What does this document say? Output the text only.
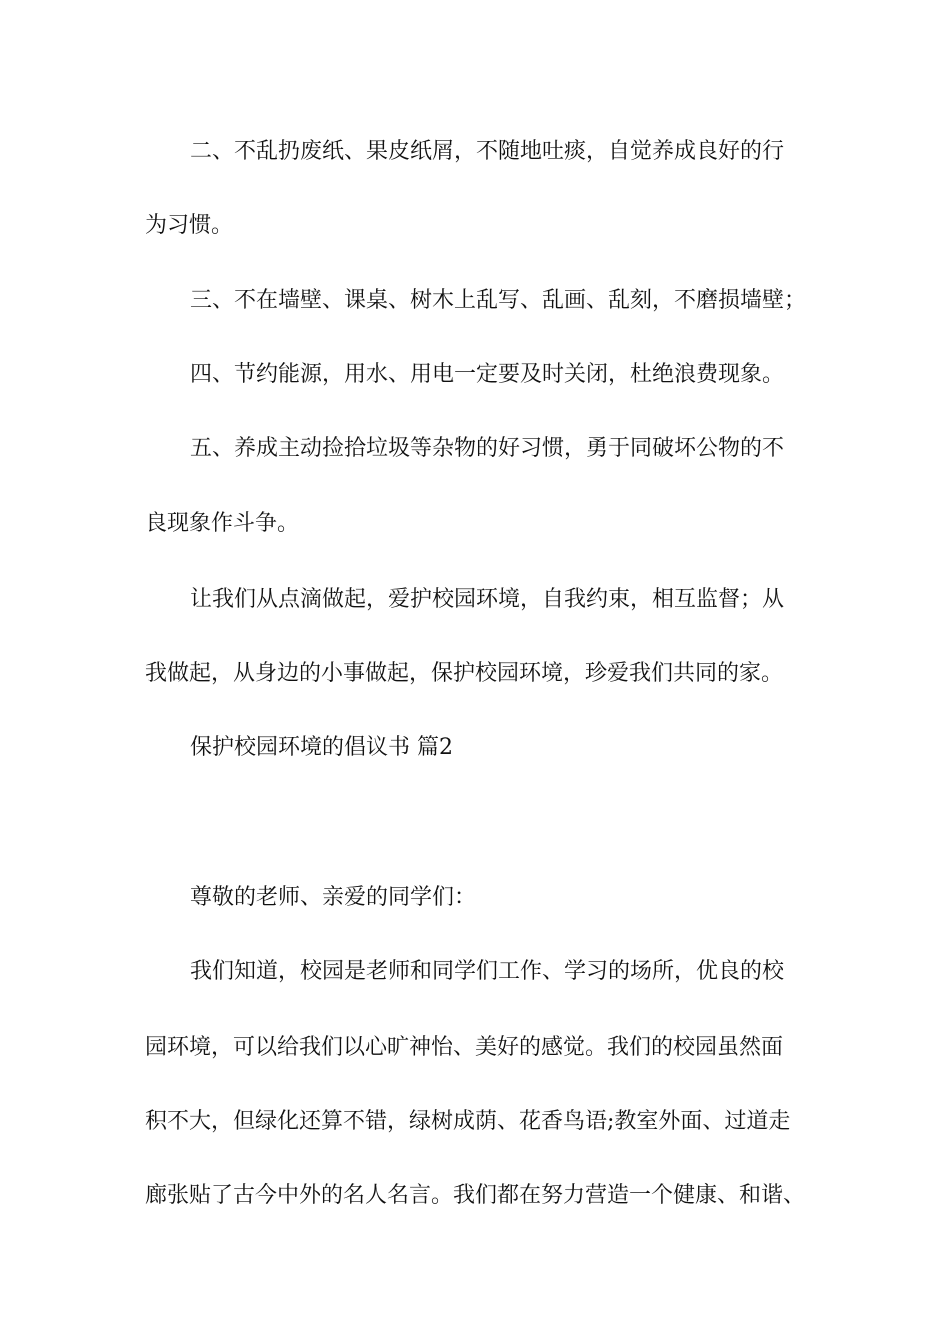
二、不乱扔废纸、果皮纸屑，不随地吐痰，自觉养成良好的行
为习惯。
三、不在墙壁、课桌、树木上乱写、乱画、乱刻，不磨损墙壁；
四、节约能源，用水、用电一定要及时关闭，杜绝浪费现象。
五、养成主动捡拾垃圾等杂物的好习惯，勇于同破坏公物的不
良现象作斗争。
让我们从点滴做起，爱护校园环境，自我约束，相互监督；从
我做起，从身边的小事做起，保护校园环境，珍爱我们共同的家。
保护校园环境的倡议书 篇2
尊敬的老师、亲爱的同学们：
我们知道，校园是老师和同学们工作、学习的场所，优良的校
园环境，可以给我们以心旷神怡、美好的感觉。我们的校园虽然面
积不大，但绿化还算不错，绿树成荫、花香鸟语;教室外面、过道走
廊张贴了古今中外的名人名言。我们都在努力营造一个健康、和谐、
